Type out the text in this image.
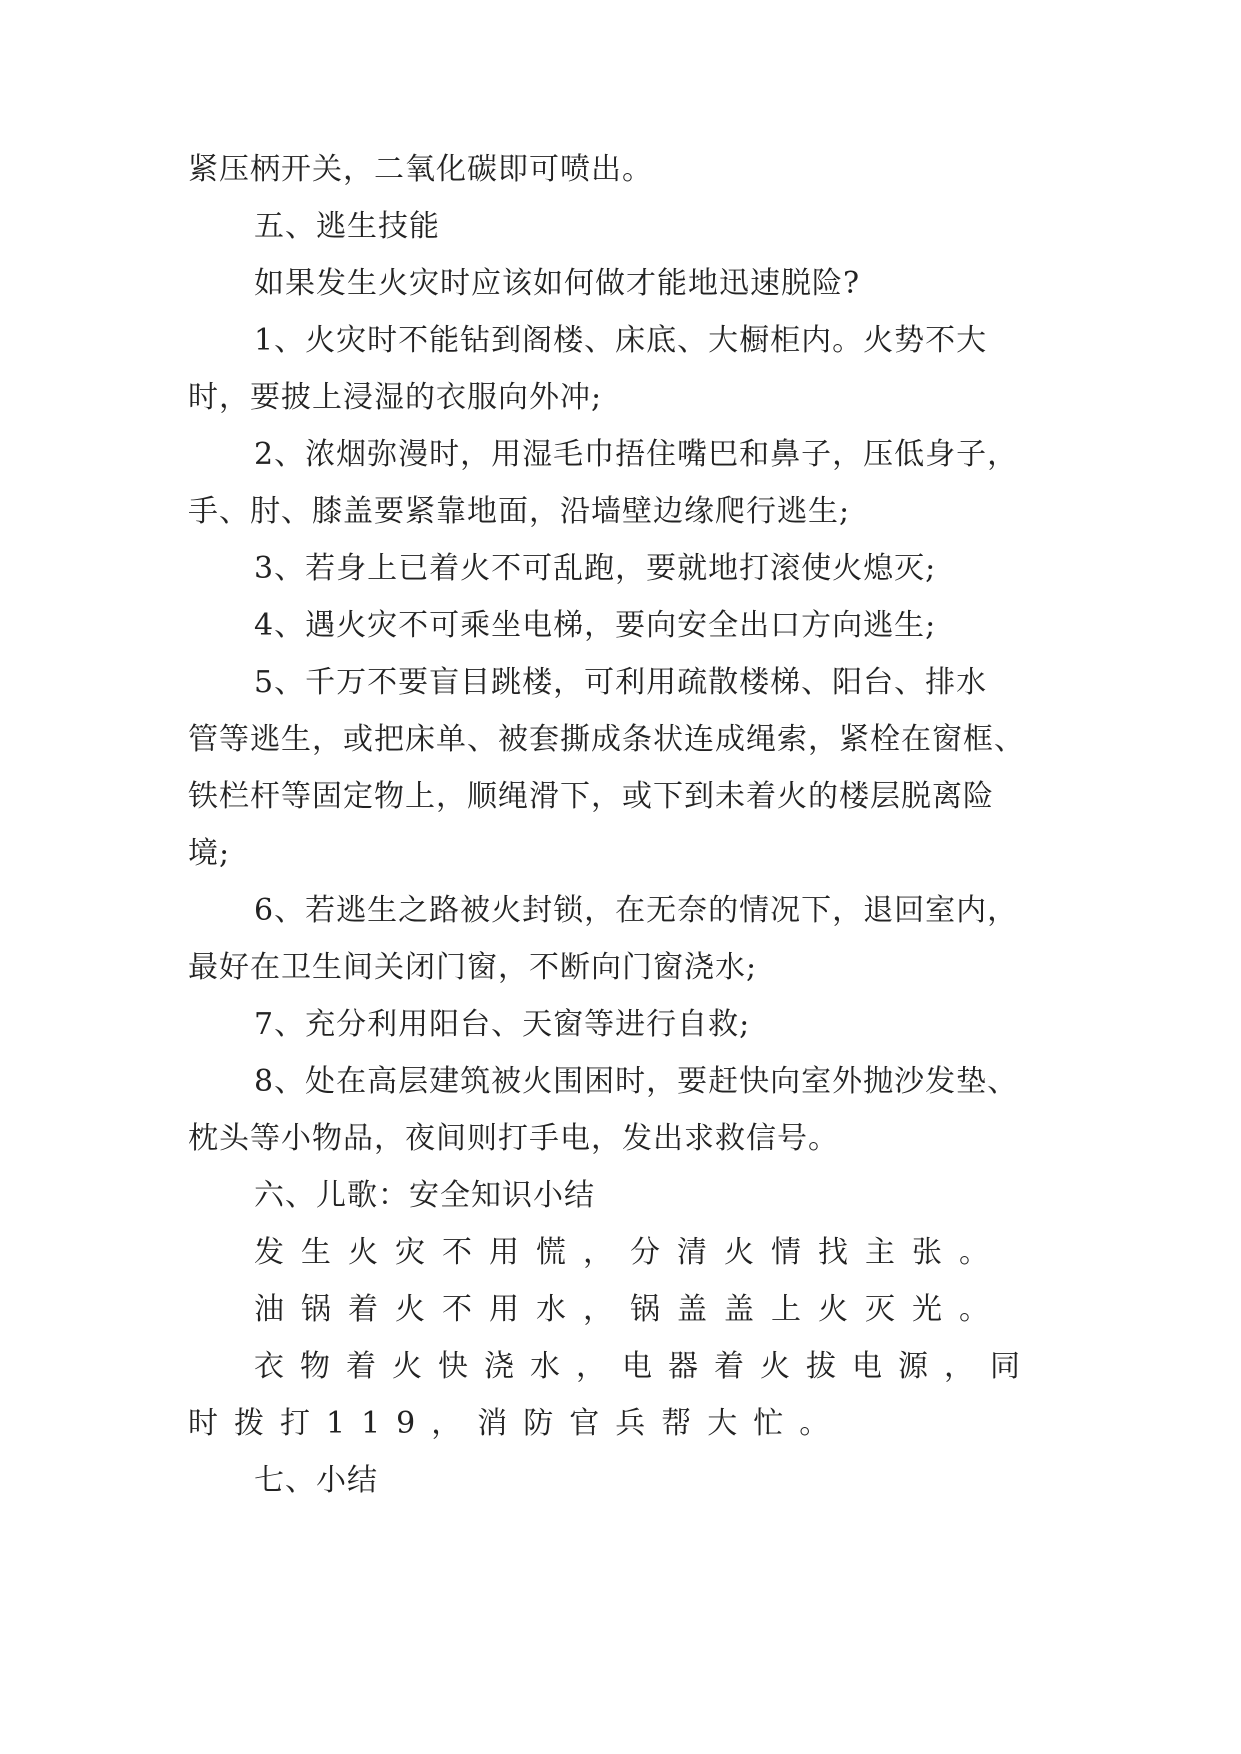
紧压柄开关，二氧化碳即可喷出。
五、逃生技能
如果发生火灾时应该如何做才能地迅速脱险?
1、火灾时不能钻到阁楼、床底、大橱柜内。火势不大
时，要披上浸湿的衣服向外冲;
2、浓烟弥漫时，用湿毛巾捂住嘴巴和鼻子，压低身子，
手、肘、膝盖要紧靠地面，沿墙壁边缘爬行逃生;
3、若身上已着火不可乱跑，要就地打滚使火熄灭;
4、遇火灾不可乘坐电梯，要向安全出口方向逃生;
5、千万不要盲目跳楼，可利用疏散楼梯、阳台、排水
管等逃生，或把床单、被套撕成条状连成绳索，紧栓在窗框、
铁栏杆等固定物上，顺绳滑下，或下到未着火的楼层脱离险
境;
6、若逃生之路被火封锁，在无奈的情况下，退回室内，
最好在卫生间关闭门窗，不断向门窗浇水;
7、充分利用阳台、天窗等进行自救;
8、处在高层建筑被火围困时，要赶快向室外抛沙发垫、
枕头等小物品，夜间则打手电，发出求救信号。
六、儿歌：安全知识小结
发生火灾不用慌，分清火情找主张。
油锅着火不用水，锅盖盖上火灭光。
衣物着火快浇水，电器着火拔电源，同
时拨打119，消防官兵帮大忙。
七、小结
